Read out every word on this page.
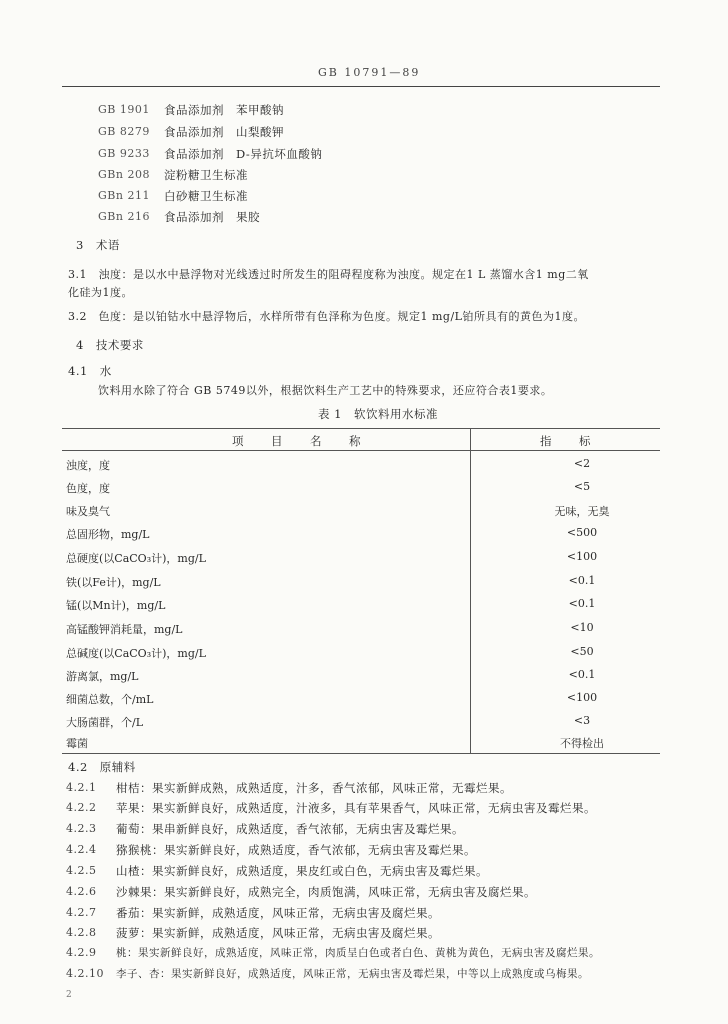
GB 10791—89
GB 1901	食品添加剂　苯甲酸钠
GB 8279	食品添加剂　山梨酸钾
GB 9233	食品添加剂　D-异抗坏血酸钠
GBn 208	淀粉糖卫生标准
GBn 211	白砂糖卫生标准
GBn 216	食品添加剂　果胶
3　术语
3.1　浊度：是以水中悬浮物对光线透过时所发生的阻碍程度称为浊度。规定在1 L 蒸馏水含1 mg二氧
化硅为1度。
3.2　色度：是以铂钴水中悬浮物后，水样所带有色泽称为色度。规定1 mg/L铂所具有的黄色为1度。
4　技术要求
4.1　水
饮料用水除了符合 GB 5749以外，根据饮料生产工艺中的特殊要求，还应符合表1要求。
表 1　软饮料用水标准
项　目　名　称	指　标
浊度，度	<2
色度，度	<5
味及臭气	无味，无臭
总固形物，mg/L	<500
总硬度(以CaCO₃计)，mg/L	<100
铁(以Fe计)，mg/L	<0.1
锰(以Mn计)，mg/L	<0.1
高锰酸钾消耗量，mg/L	<10
总碱度(以CaCO₃计)，mg/L	<50
游离氯，mg/L	<0.1
细菌总数，个/mL	<100
大肠菌群，个/L	<3
霉菌	不得检出
4.2　原辅料
4.2.1	柑桔：果实新鲜成熟，成熟适度，汁多，香气浓郁，风味正常，无霉烂果。
4.2.2	苹果：果实新鲜良好，成熟适度，汁液多，具有苹果香气，风味正常，无病虫害及霉烂果。
4.2.3	葡萄：果串新鲜良好，成熟适度，香气浓郁，无病虫害及霉烂果。
4.2.4	猕猴桃：果实新鲜良好，成熟适度，香气浓郁，无病虫害及霉烂果。
4.2.5	山楂：果实新鲜良好，成熟适度，果皮红或白色，无病虫害及霉烂果。
4.2.6	沙棘果：果实新鲜良好，成熟完全，肉质饱满，风味正常，无病虫害及腐烂果。
4.2.7	番茄：果实新鲜，成熟适度，风味正常，无病虫害及腐烂果。
4.2.8	菠萝：果实新鲜，成熟适度，风味正常，无病虫害及腐烂果。
4.2.9	桃：果实新鲜良好，成熟适度，风味正常，肉质呈白色或者白色、黄桃为黄色，无病虫害及腐烂果。
4.2.10	李子、杏：果实新鲜良好，成熟适度，风味正常，无病虫害及霉烂果，中等以上成熟度或乌梅果。
2
